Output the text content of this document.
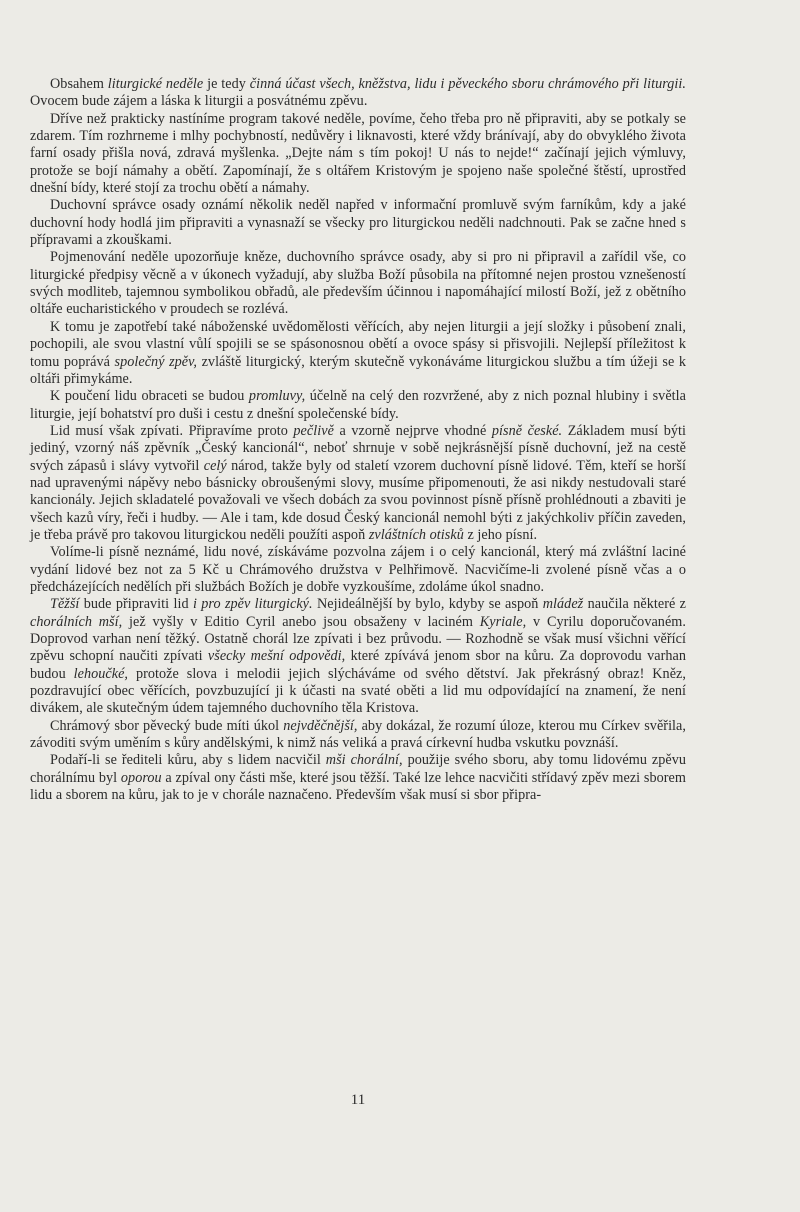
Obsahem liturgické neděle je tedy činná účast všech, kněžstva, lidu i pěveckého sboru chrámového při liturgii. Ovocem bude zájem a láska k liturgii a posvátnému zpěvu.

Dříve než prakticky nastíníme program takové neděle, povíme, čeho třeba pro ně připraviti, aby se potkaly se zdarem. Tím rozhrneme i mlhy pochybností, nedůvěry i liknavosti, které vždy bránívají, aby do obvyklého života farní osady přišla nová, zdravá myšlenka. „Dejte nám s tím pokoj! U nás to nejde!“ začínají jejich výmluvy, protože se bojí námahy a obětí. Zapomínají, že s oltářem Kristovým je spojeno naše společné štěstí, uprostřed dnešní bídy, které stojí za trochu obětí a námahy.

Duchovní správce osady oznámí několik neděl napřed v informační promluvě svým farníkům, kdy a jaké duchovní hody hodlá jim připraviti a vynasnaží se všecky pro liturgickou neděli nadchnouti. Pak se začne hned s přípravami a zkouškami.

Pojmenování neděle upozorňuje kněze, duchovního správce osady, aby si pro ni připravil a zařídil vše, co liturgické předpisy věcně a v úkonech vyžadují, aby služba Boží působila na přítomné nejen prostou vznešeností svých modliteb, tajemnou symbolikou obřadů, ale především účinnou i napomáhající milostí Boží, jež z obětního oltáře eucharistického v proudech se rozlévá.

K tomu je zapotřebí také náboženské uvědomělosti věřících, aby nejen liturgii a její složky i působení znali, pochopili, ale svou vlastní vůlí spojili se se spásonosnou obětí a ovoce spásy si přisvojili. Nejlepší příležitost k tomu poprává společný zpěv, zvláště liturgický, kterým skutečně vykonáváme liturgickou službu a tím úžeji se k oltáři přimykáme.

K poučení lidu obraceti se budou promluvy, účelně na celý den rozvržené, aby z nich poznal hlubiny i světla liturgie, její bohatství pro duši i cestu z dnešní společenské bídy.

Lid musí však zpívati. Připravíme proto pečlivě a vzorně nejprve vhodné písně české. Základem musí býti jediný, vzorný náš zpěvník „Český kancionál“, neboť shrnuje v sobě nejkrásnější písně duchovní, jež na cestě svých zápasů i slávy vytvořil celý národ, takže byly od staletí vzorem duchovní písně lidové. Těm, kteří se horší nad upravenými nápěvy nebo básnicky obroušenými slovy, musíme připomenouti, že asi nikdy nestudovali staré kancionály. Jejich skladatelé považovali ve všech dobách za svou povinnost písně přísně prohlédnouti a zbaviti je všech kazů víry, řeči i hudby. — Ale i tam, kde dosud Český kancionál nemohl býti z jakýchkoliv příčin zaveden, je třeba právě pro takovou liturgickou neděli použíti aspoň zvláštních otisků z jeho písní.

Volíme-li písně neznámé, lidu nové, získáváme pozvolna zájem i o celý kancionál, který má zvláštní laciné vydání lidové bez not za 5 Kč u Chrámového družstva v Pelhřimově. Nacvičíme-li zvolené písně včas a o předcházejících nedělích při službách Božích je dobře vyzkoušíme, zdoláme úkol snadno.

Těžší bude připraviti lid i pro zpěv liturgický. Nejideálnější by bylo, kdyby se aspoň mládež naučila některé z chorálních mší, jež vyšly v Editio Cyril anebo jsou obsaženy v laciném Kyriale, v Cyrilu doporučovaném. Doprovod varhan není těžký. Ostatně chorál lze zpívati i bez průvodu. — Rozhodně se však musí všichni věřící zpěvu schopní naučiti zpívati všecky mešní odpovědi, které zpívává jenom sbor na kůru. Za doprovodu varhan budou lehoučké, protože slova i melodii jejich slýcháváme od svého dětství. Jak překrásný obraz! Kněz, pozdravující obec věřících, povzbuzující ji k účasti na svaté oběti a lid mu odpovídající na znamení, že není divákem, ale skutečným údem tajemného duchovního těla Kristova.

Chrámový sbor pěvecký bude míti úkol nejvděčnější, aby dokázal, že rozumí úloze, kterou mu Církev svěřila, závoditi svým uměním s kůry andělskými, k nimž nás veliká a pravá církevní hudba vskutku povznáší.

Podaří-li se řediteli kůru, aby s lidem nacvičil mši chorální, použije svého sboru, aby tomu lidovému zpěvu chorálnímu byl oporou a zpíval ony části mše, které jsou těžší. Také lze lehce nacvičiti střídavý zpěv mezi sborem lidu a sborem na kůru, jak to je v chorále naznačeno. Především však musí si sbor připra-

11
